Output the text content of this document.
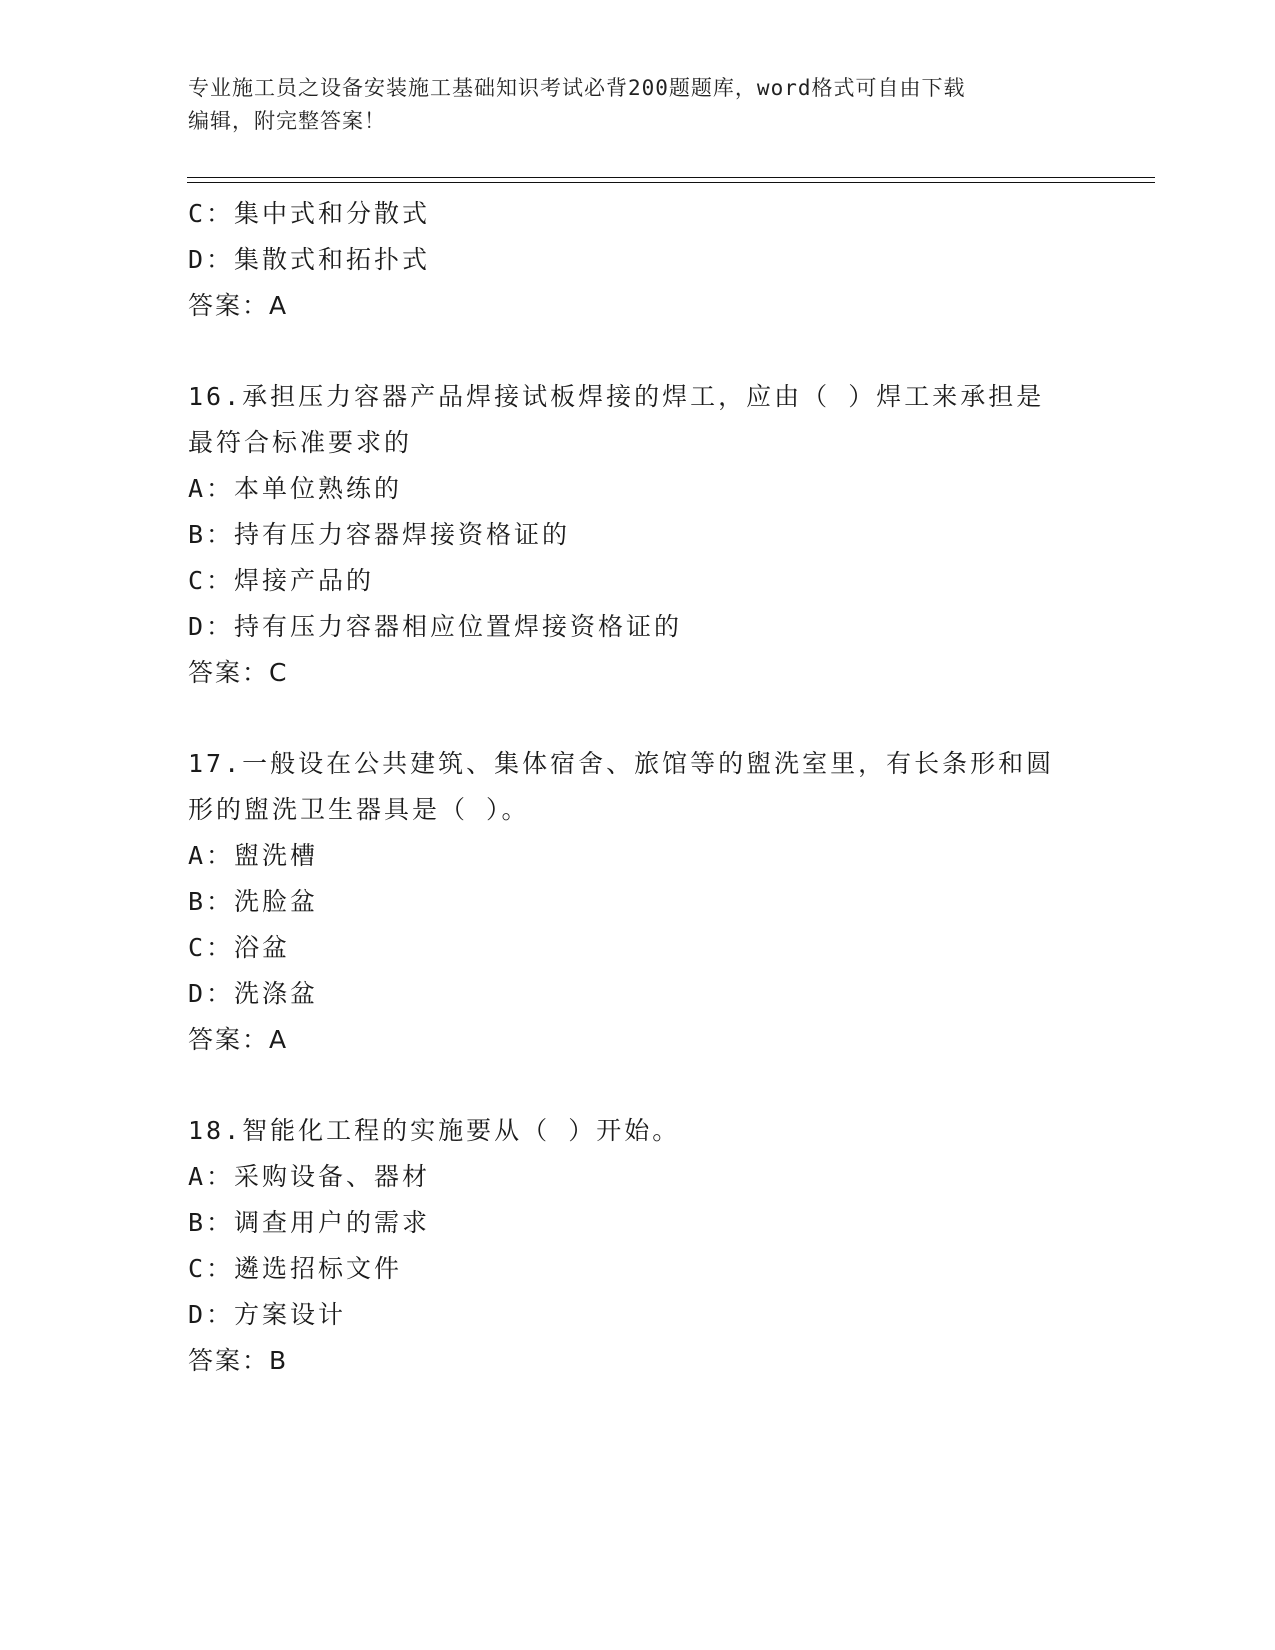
专业施工员之设备安装施工基础知识考试必背200题题库，word格式可自由下载
编辑，附完整答案！
C：集中式和分散式
D：集散式和拓扑式
答案：A
16.承担压力容器产品焊接试板焊接的焊工，应由（ ）焊工来承担是
最符合标准要求的
A：本单位熟练的
B：持有压力容器焊接资格证的
C：焊接产品的
D：持有压力容器相应位置焊接资格证的
答案：C
17.一般设在公共建筑、集体宿舍、旅馆等的盥洗室里，有长条形和圆
形的盥洗卫生器具是（ ）。
A：盥洗槽
B：洗脸盆
C：浴盆
D：洗涤盆
答案：A
18.智能化工程的实施要从（ ）开始。
A：采购设备、器材
B：调查用户的需求
C：遴选招标文件
D：方案设计
答案：B
